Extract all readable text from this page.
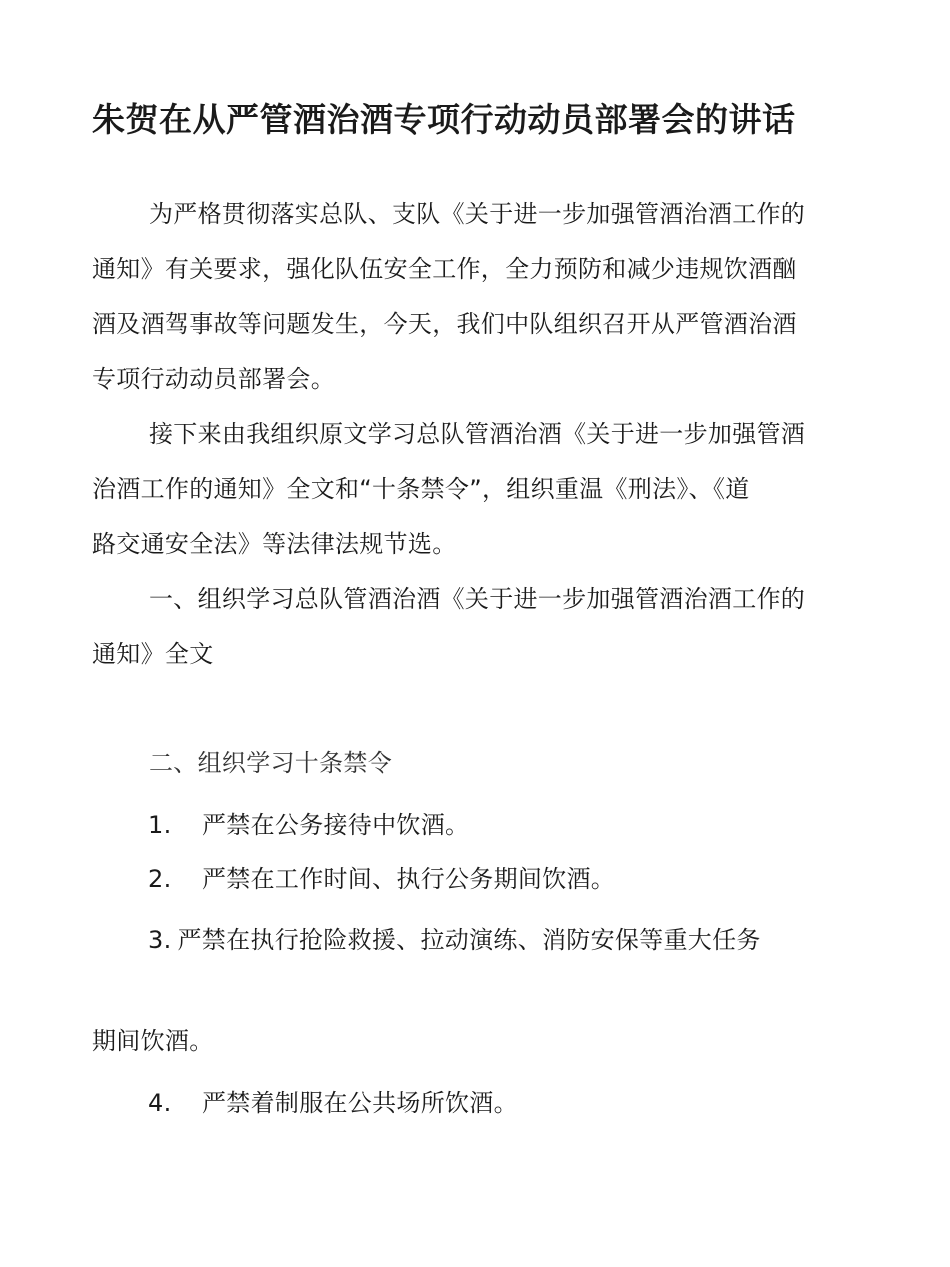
朱贺在从严管酒治酒专项行动动员部署会的讲话
为严格贯彻落实总队、支队《关于进一步加强管酒治酒工作的
通知》有关要求，强化队伍安全工作，全力预防和减少违规饮酒酗
酒及酒驾事故等问题发生，今天，我们中队组织召开从严管酒治酒
专项行动动员部署会。
接下来由我组织原文学习总队管酒治酒《关于进一步加强管酒
治酒工作的通知》全文和“十条禁令”，组织重温《刑法》、《道
路交通安全法》等法律法规节选。
一、组织学习总队管酒治酒《关于进一步加强管酒治酒工作的
通知》全文
二、组织学习十条禁令
1. 严禁在公务接待中饮酒。
2. 严禁在工作时间、执行公务期间饮酒。
3. 严禁在执行抢险救援、拉动演练、消防安保等重大任务
期间饮酒。
4. 严禁着制服在公共场所饮酒。
